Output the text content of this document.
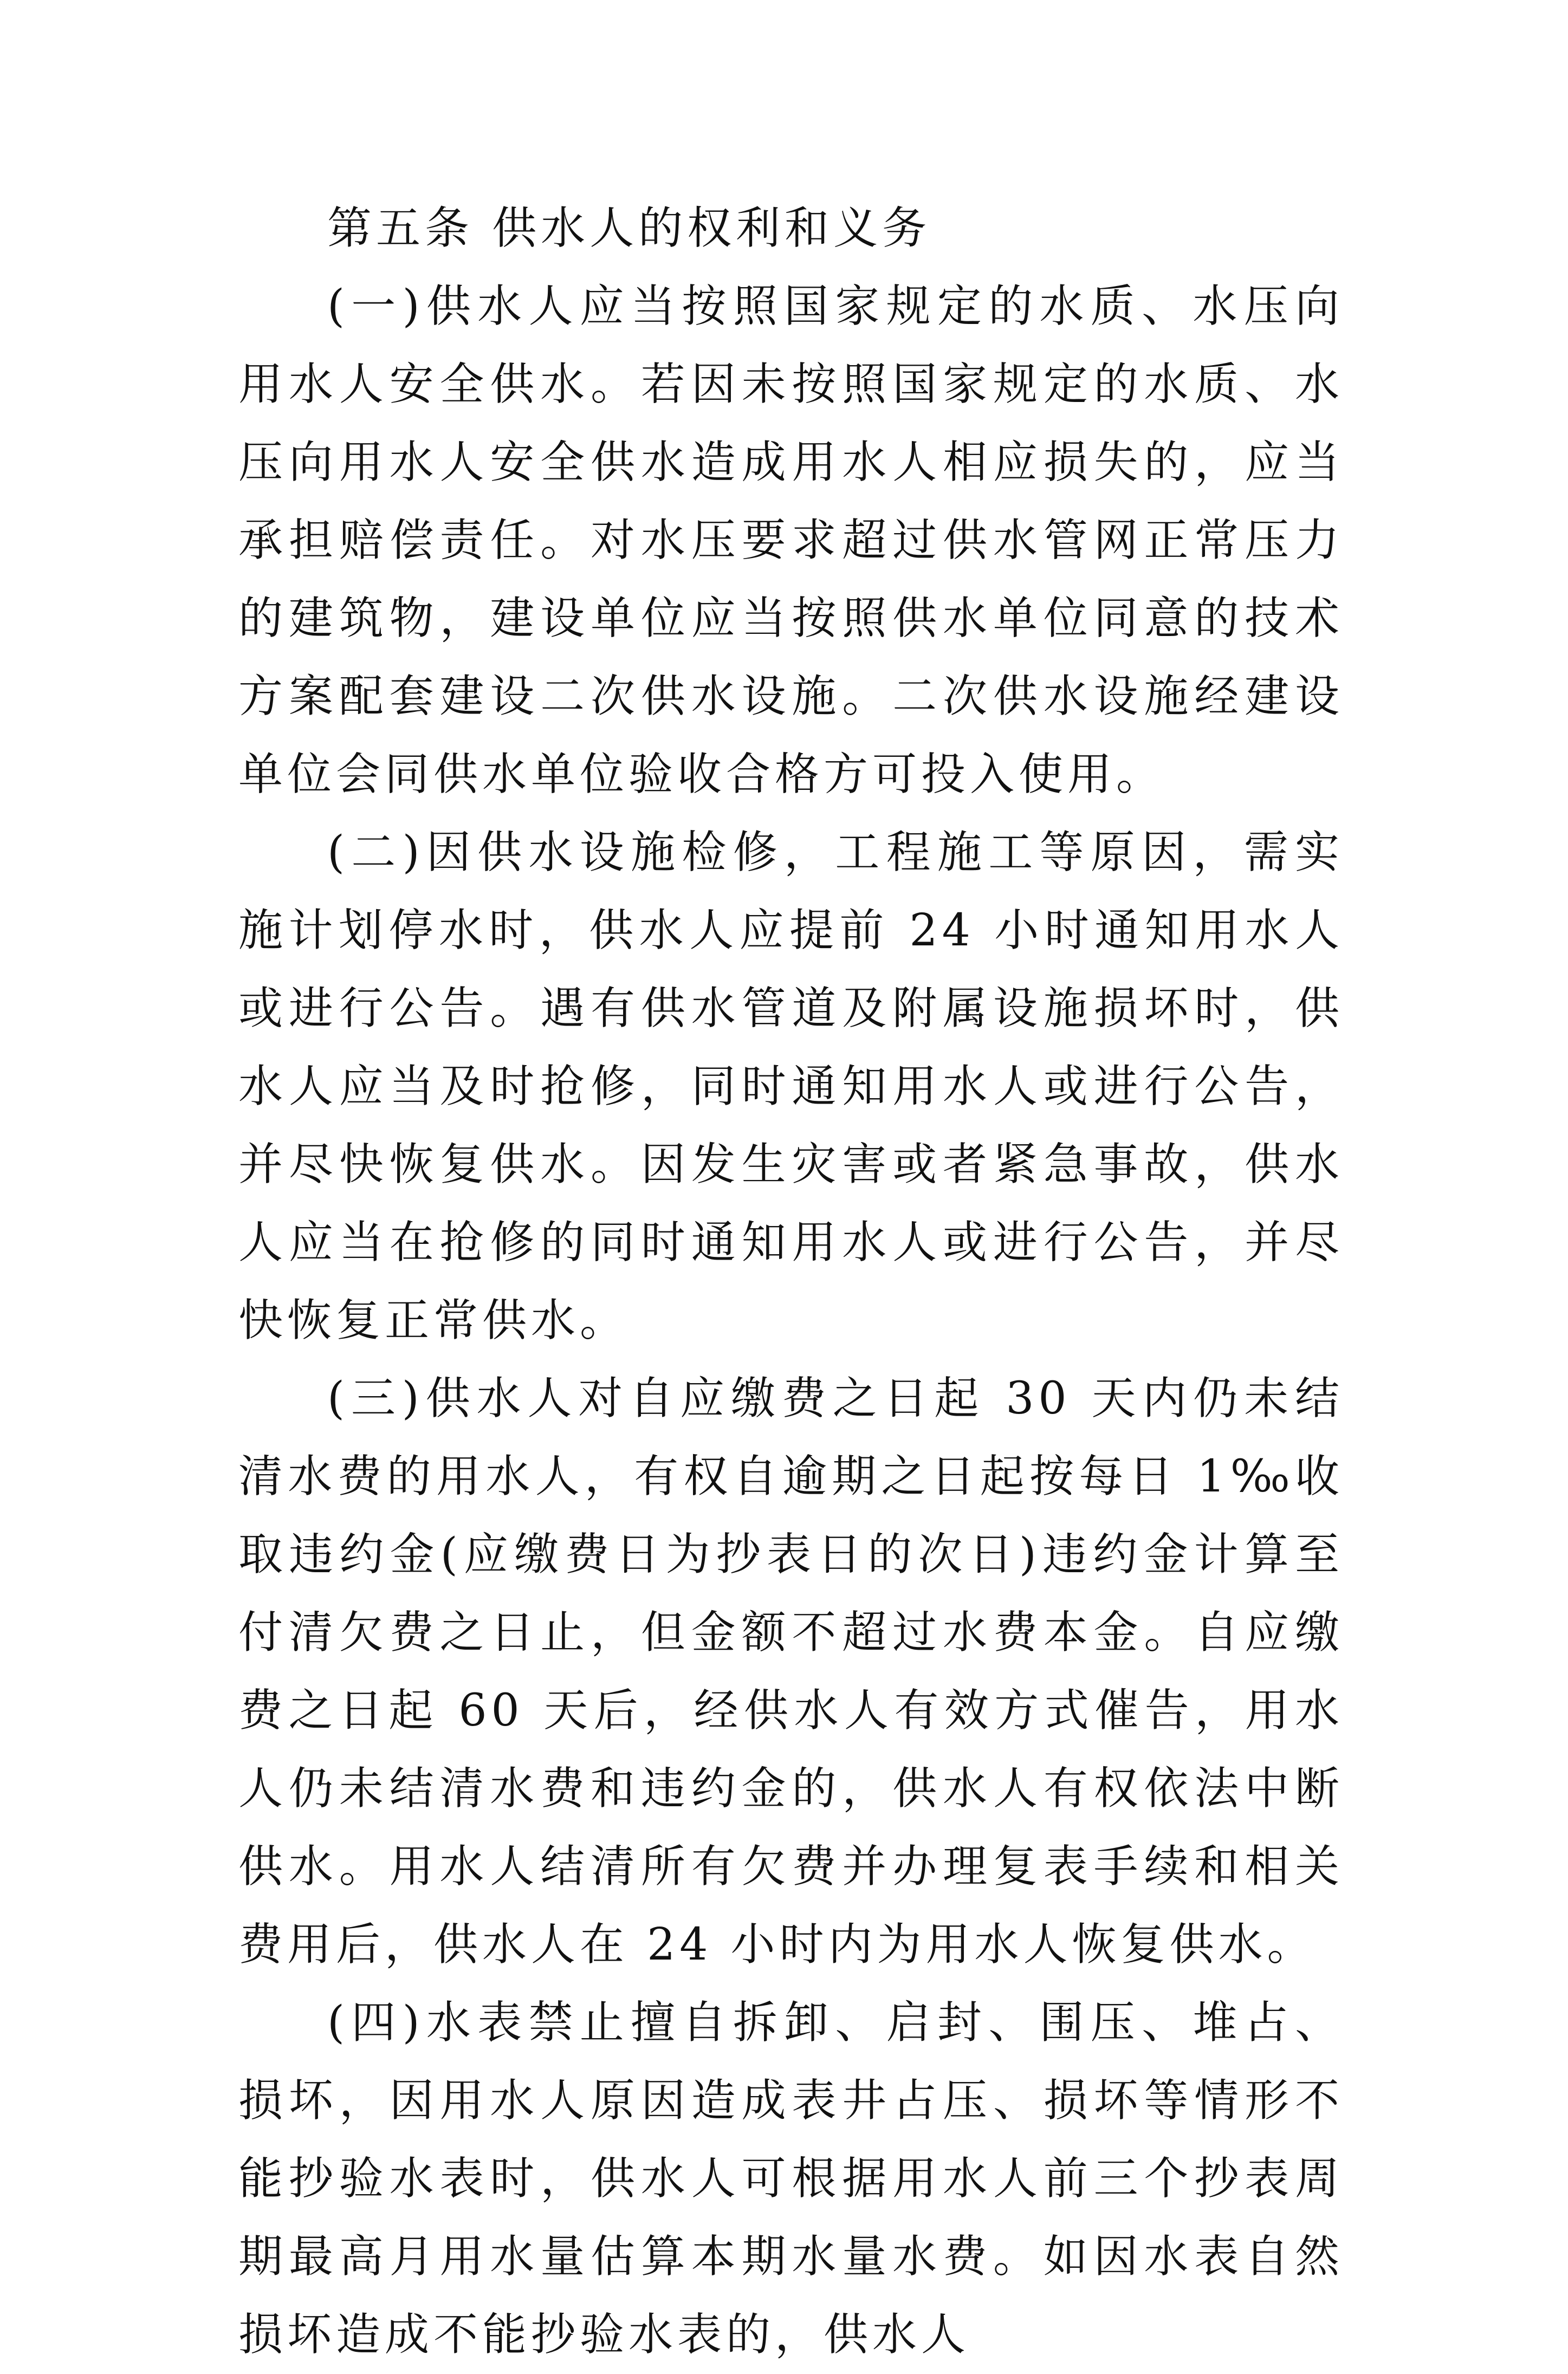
第五条 供水人的权利和义务

(一)供水人应当按照国家规定的水质、水压向用水人安全供水。若因未按照国家规定的水质、水压向用水人安全供水造成用水人相应损失的，应当承担赔偿责任。对水压要求超过供水管网正常压力的建筑物，建设单位应当按照供水单位同意的技术方案配套建设二次供水设施。二次供水设施经建设单位会同供水单位验收合格方可投入使用。

(二)因供水设施检修，工程施工等原因，需实施计划停水时，供水人应提前 24 小时通知用水人或进行公告。遇有供水管道及附属设施损坏时，供水人应当及时抢修，同时通知用水人或进行公告，并尽快恢复供水。因发生灾害或者紧急事故，供水人应当在抢修的同时通知用水人或进行公告，并尽快恢复正常供水。

(三)供水人对自应缴费之日起 30 天内仍未结清水费的用水人，有权自逾期之日起按每日 1‰收取违约金(应缴费日为抄表日的次日)违约金计算至付清欠费之日止，但金额不超过水费本金。自应缴费之日起 60 天后，经供水人有效方式催告，用水人仍未结清水费和违约金的，供水人有权依法中断供水。用水人结清所有欠费并办理复表手续和相关费用后，供水人在 24 小时内为用水人恢复供水。

(四)水表禁止擅自拆卸、启封、围压、堆占、损坏，因用水人原因造成表井占压、损坏等情形不能抄验水表时，供水人可根据用水人前三个抄表周期最高月用水量估算本期水量水费。如因水表自然损坏造成不能抄验水表的，供水人
